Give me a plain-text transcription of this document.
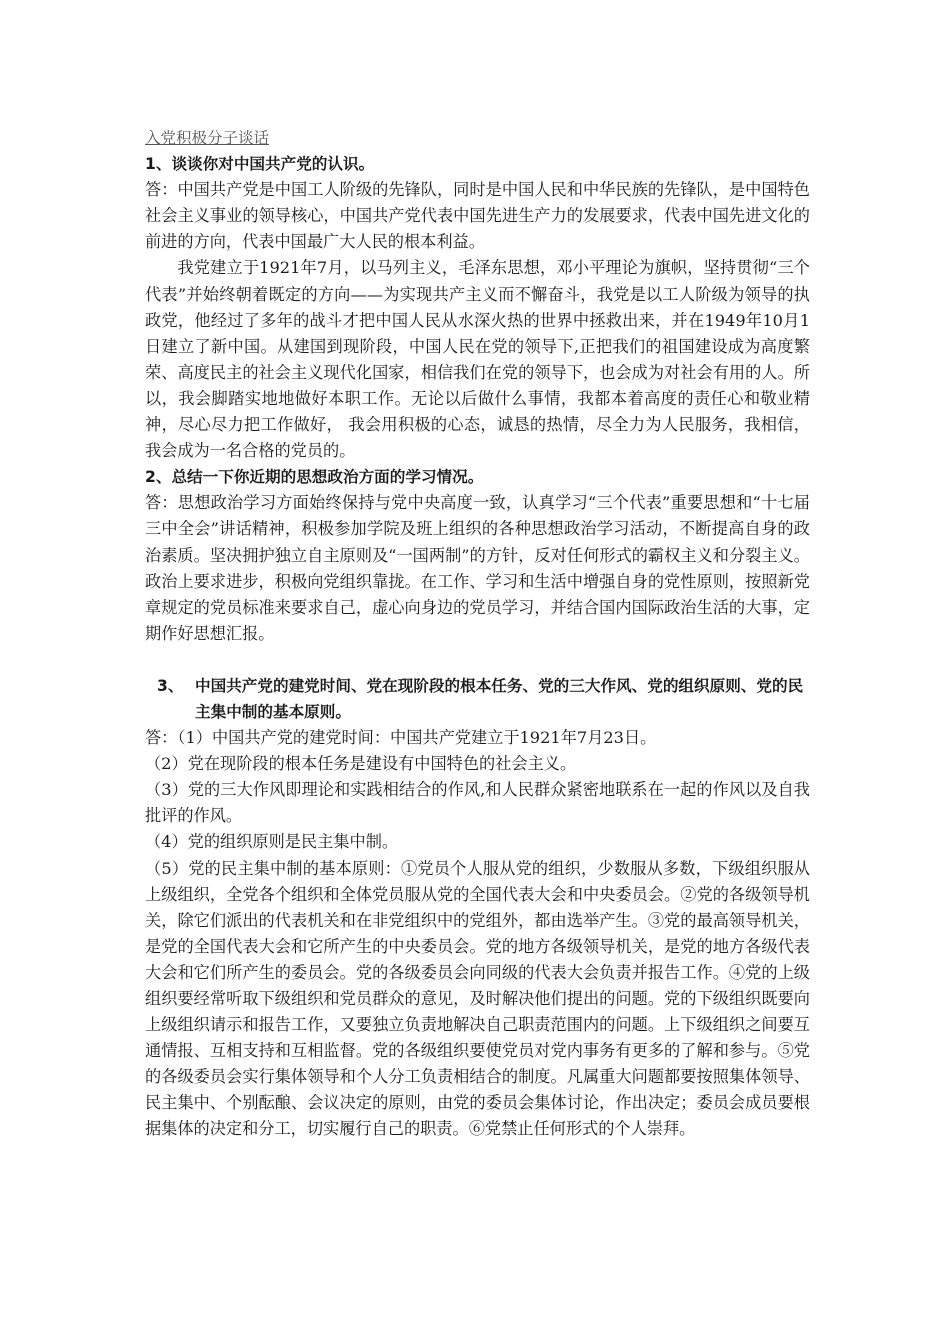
入党积极分子谈话

1、谈谈你对中国共产党的认识。

答：中国共产党是中国工人阶级的先锋队，同时是中国人民和中华民族的先锋队，是中国特色社会主义事业的领导核心，中国共产党代表中国先进生产力的发展要求，代表中国先进文化的前进的方向，代表中国最广大人民的根本利益。

我党建立于1921年7月，以马列主义，毛泽东思想，邓小平理论为旗帜，坚持贯彻“三个代表”并始终朝着既定的方向——为实现共产主义而不懈奋斗，我党是以工人阶级为领导的执政党，他经过了多年的战斗才把中国人民从水深火热的世界中拯救出来，并在1949年10月1日建立了新中国。从建国到现阶段，中国人民在党的领导下,正把我们的祖国建设成为高度繁荣、高度民主的社会主义现代化国家，相信我们在党的领导下，也会成为对社会有用的人。所以，我会脚踏实地地做好本职工作。无论以后做什么事情，我都本着高度的责任心和敬业精神，尽心尽力把工作做好， 我会用积极的心态，诚恳的热情，尽全力为人民服务，我相信，我会成为一名合格的党员的。

2、总结一下你近期的思想政治方面的学习情况。

答：思想政治学习方面始终保持与党中央高度一致，认真学习“三个代表”重要思想和“十七届三中全会”讲话精神，积极参加学院及班上组织的各种思想政治学习活动，不断提高自身的政治素质。坚决拥护独立自主原则及“一国两制”的方针，反对任何形式的霸权主义和分裂主义。政治上要求进步，积极向党组织靠拢。在工作、学习和生活中增强自身的党性原则，按照新党章规定的党员标准来要求自己，虚心向身边的党员学习，并结合国内国际政治生活的大事，定期作好思想汇报。

3、 中国共产党的建党时间、党在现阶段的根本任务、党的三大作风、党的组织原则、党的民主集中制的基本原则。

答：（1）中国共产党的建党时间：中国共产党建立于1921年7月23日。

（2）党在现阶段的根本任务是建设有中国特色的社会主义。

（3）党的三大作风即理论和实践相结合的作风,和人民群众紧密地联系在一起的作风以及自我批评的作风。

（4）党的组织原则是民主集中制。

（5）党的民主集中制的基本原则：①党员个人服从党的组织，少数服从多数，下级组织服从上级组织，全党各个组织和全体党员服从党的全国代表大会和中央委员会。②党的各级领导机关，除它们派出的代表机关和在非党组织中的党组外，都由选举产生。③党的最高领导机关，是党的全国代表大会和它所产生的中央委员会。党的地方各级领导机关，是党的地方各级代表大会和它们所产生的委员会。党的各级委员会向同级的代表大会负责并报告工作。④党的上级组织要经常听取下级组织和党员群众的意见，及时解决他们提出的问题。党的下级组织既要向上级组织请示和报告工作，又要独立负责地解决自己职责范围内的问题。上下级组织之间要互通情报、互相支持和互相监督。党的各级组织要使党员对党内事务有更多的了解和参与。⑤党的各级委员会实行集体领导和个人分工负责相结合的制度。凡属重大问题都要按照集体领导、民主集中、个别酝酿、会议决定的原则，由党的委员会集体讨论，作出决定；委员会成员要根据集体的决定和分工，切实履行自己的职责。⑥党禁止任何形式的个人崇拜。
